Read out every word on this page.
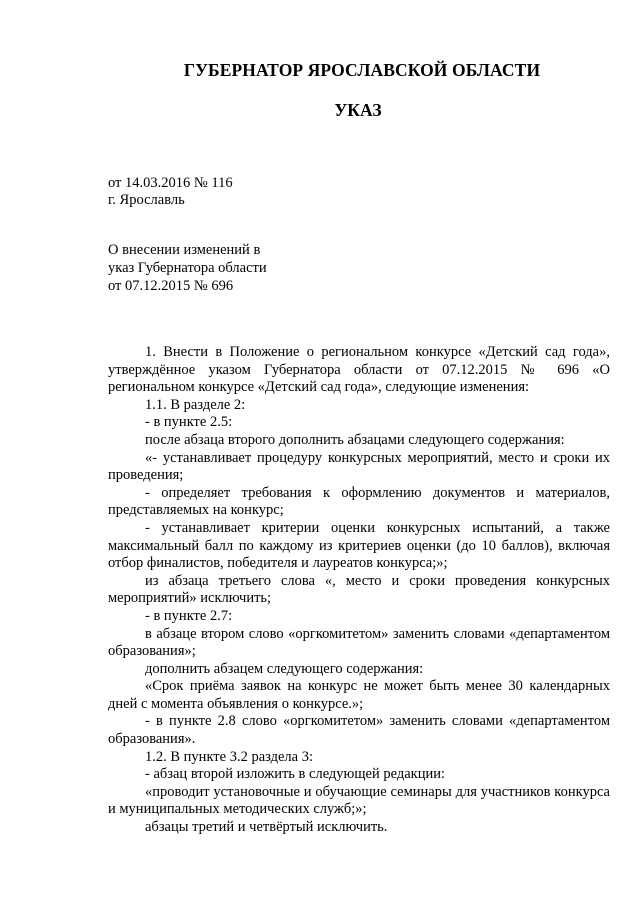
ГУБЕРНАТОР ЯРОСЛАВСКОЙ ОБЛАСТИ
УКАЗ
от 14.03.2016 № 116
г. Ярославль
О внесении изменений в
указ Губернатора области
от 07.12.2015 № 696

1. Внести в Положение о региональном конкурсе «Детский сад года», утверждённое указом Губернатора области от 07.12.2015 № 696 «О региональном конкурсе «Детский сад года», следующие изменения:

1.1. В разделе 2:

- в пункте 2.5:

после абзаца второго дополнить абзацами следующего содержания:

«- устанавливает процедуру конкурсных мероприятий, место и сроки их проведения;

- определяет требования к оформлению документов и материалов, представляемых на конкурс;

- устанавливает критерии оценки конкурсных испытаний, а также максимальный балл по каждому из критериев оценки (до 10 баллов), включая отбор финалистов, победителя и лауреатов конкурса;»;

из абзаца третьего слова «, место и сроки проведения конкурсных мероприятий» исключить;

- в пункте 2.7:

в абзаце втором слово «оргкомитетом» заменить словами «департаментом образования»;

дополнить абзацем следующего содержания:

«Срок приёма заявок на конкурс не может быть менее 30 календарных дней с момента объявления о конкурсе.»;

- в пункте 2.8 слово «оргкомитетом» заменить словами «департаментом образования».

1.2. В пункте 3.2 раздела 3:

- абзац второй изложить в следующей редакции:

«проводит установочные и обучающие семинары для участников конкурса и муниципальных методических служб;»;

абзацы третий и четвёртый исключить.
